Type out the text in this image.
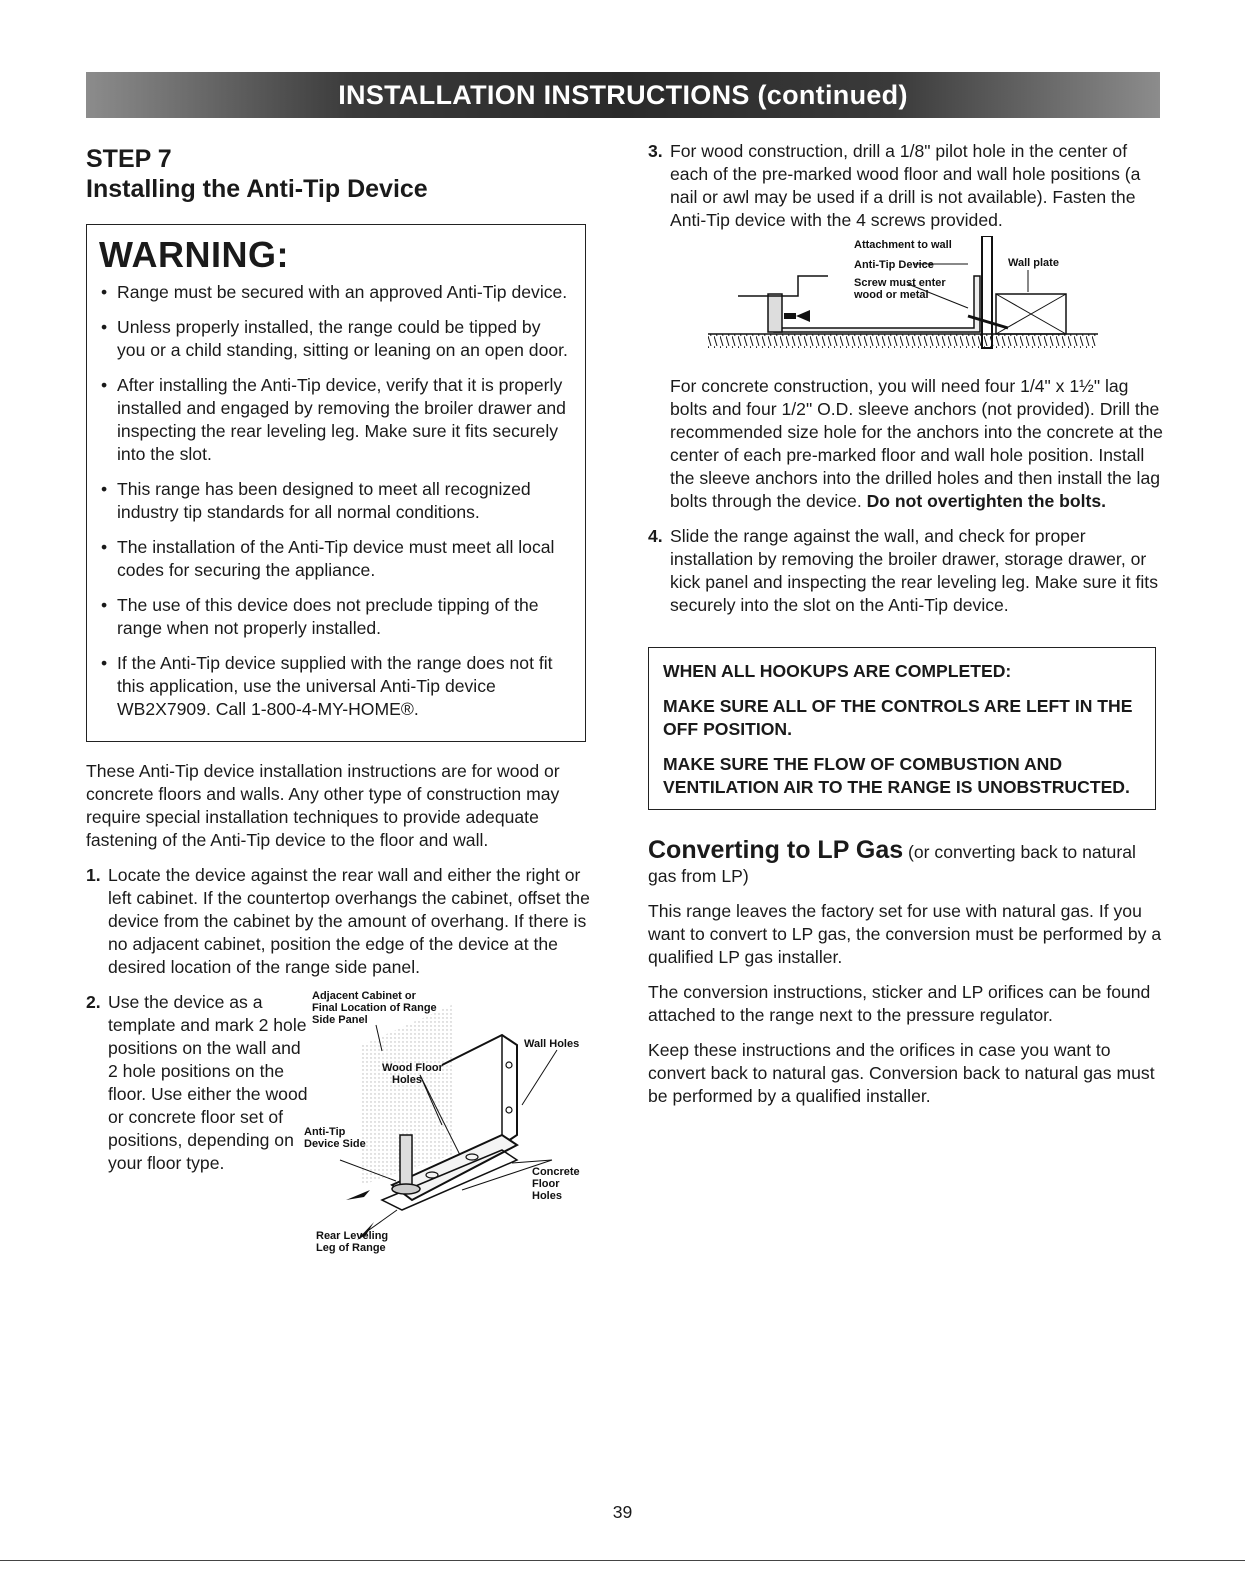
INSTALLATION INSTRUCTIONS (continued)
STEP 7
Installing the Anti-Tip Device
WARNING:
• Range must be secured with an approved Anti-Tip device.
• Unless properly installed, the range could be tipped by you or a child standing, sitting or leaning on an open door.
• After installing the Anti-Tip device, verify that it is properly installed and engaged by removing the broiler drawer and inspecting the rear leveling leg. Make sure it fits securely into the slot.
• This range has been designed to meet all recognized industry tip standards for all normal conditions.
• The installation of the Anti-Tip device must meet all local codes for securing the appliance.
• The use of this device does not preclude tipping of the range when not properly installed.
• If the Anti-Tip device supplied with the range does not fit this application, use the universal Anti-Tip device WB2X7909. Call 1-800-4-MY-HOME®.

These Anti-Tip device installation instructions are for wood or concrete floors and walls. Any other type of construction may require special installation techniques to provide adequate fastening of the Anti-Tip device to the floor and wall.

1. Locate the device against the rear wall and either the right or left cabinet. If the countertop overhangs the cabinet, offset the device from the cabinet by the amount of overhang. If there is no adjacent cabinet, position the edge of the device at the desired location of the range side panel.
2. Use the device as a template and mark 2 hole positions on the wall and 2 hole positions on the floor. Use either the wood or concrete floor set of positions, depending on your floor type.
Adjacent Cabinet or
Final Location of Range
Side Panel
Wall Holes
Wood Floor
Holes
Anti-Tip
Device Side
Concrete
Floor
Holes
Rear Leveling
Leg of Range
3. For wood construction, drill a 1/8" pilot hole in the center of each of the pre-marked wood floor and wall hole positions (a nail or awl may be used if a drill is not available). Fasten the Anti-Tip device with the 4 screws provided.
Attachment to wall
Anti-Tip Device	Wall plate
Screw must enter
wood or metal

For concrete construction, you will need four 1/4" x 1½" lag bolts and four 1/2" O.D. sleeve anchors (not provided). Drill the recommended size hole for the anchors into the concrete at the center of each pre-marked floor and wall hole position. Install the sleeve anchors into the drilled holes and then install the lag bolts through the device. Do not overtighten the bolts.

4. Slide the range against the wall, and check for proper installation by removing the broiler drawer, storage drawer, or kick panel and inspecting the rear leveling leg. Make sure it fits securely into the slot on the Anti-Tip device.

WHEN ALL HOOKUPS ARE COMPLETED:

MAKE SURE ALL OF THE CONTROLS ARE LEFT IN THE OFF POSITION.

MAKE SURE THE FLOW OF COMBUSTION AND VENTILATION AIR TO THE RANGE IS UNOBSTRUCTED.

Converting to LP Gas (or converting back to natural gas from LP)

This range leaves the factory set for use with natural gas. If you want to convert to LP gas, the conversion must be performed by a qualified LP gas installer.

The conversion instructions, sticker and LP orifices can be found attached to the range next to the pressure regulator.

Keep these instructions and the orifices in case you want to convert back to natural gas. Conversion back to natural gas must be performed by a qualified installer.

39
